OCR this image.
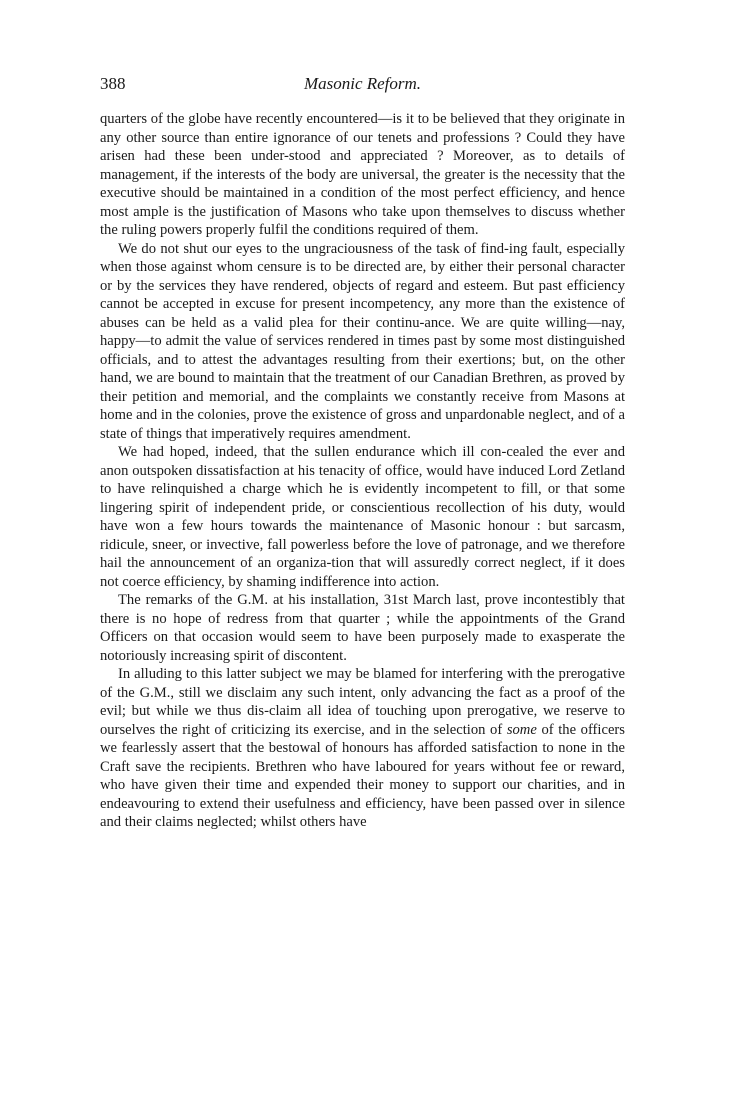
388	Masonic Reform.

quarters of the globe have recently encountered—is it to be believed that they originate in any other source than entire ignorance of our tenets and professions ? Could they have arisen had these been under-stood and appreciated ? Moreover, as to details of management, if the interests of the body are universal, the greater is the necessity that the executive should be maintained in a condition of the most perfect efficiency, and hence most ample is the justification of Masons who take upon themselves to discuss whether the ruling powers properly fulfil the conditions required of them.

We do not shut our eyes to the ungraciousness of the task of find-ing fault, especially when those against whom censure is to be directed are, by either their personal character or by the services they have rendered, objects of regard and esteem. But past efficiency cannot be accepted in excuse for present incompetency, any more than the existence of abuses can be held as a valid plea for their continu-ance. We are quite willing—nay, happy—to admit the value of services rendered in times past by some most distinguished officials, and to attest the advantages resulting from their exertions; but, on the other hand, we are bound to maintain that the treatment of our Canadian Brethren, as proved by their petition and memorial, and the complaints we constantly receive from Masons at home and in the colonies, prove the existence of gross and unpardonable neglect, and of a state of things that imperatively requires amendment.

We had hoped, indeed, that the sullen endurance which ill con-cealed the ever and anon outspoken dissatisfaction at his tenacity of office, would have induced Lord Zetland to have relinquished a charge which he is evidently incompetent to fill, or that some lingering spirit of independent pride, or conscientious recollection of his duty, would have won a few hours towards the maintenance of Masonic honour : but sarcasm, ridicule, sneer, or invective, fall powerless before the love of patronage, and we therefore hail the announcement of an organiza-tion that will assuredly correct neglect, if it does not coerce efficiency, by shaming indifference into action.

The remarks of the G.M. at his installation, 31st March last, prove incontestibly that there is no hope of redress from that quarter ; while the appointments of the Grand Officers on that occasion would seem to have been purposely made to exasperate the notoriously increasing spirit of discontent.

In alluding to this latter subject we may be blamed for interfering with the prerogative of the G.M., still we disclaim any such intent, only advancing the fact as a proof of the evil; but while we thus dis-claim all idea of touching upon prerogative, we reserve to ourselves the right of criticizing its exercise, and in the selection of some of the officers we fearlessly assert that the bestowal of honours has afforded satisfaction to none in the Craft save the recipients. Brethren who have laboured for years without fee or reward, who have given their time and expended their money to support our charities, and in endeavouring to extend their usefulness and efficiency, have been passed over in silence and their claims neglected; whilst others have
